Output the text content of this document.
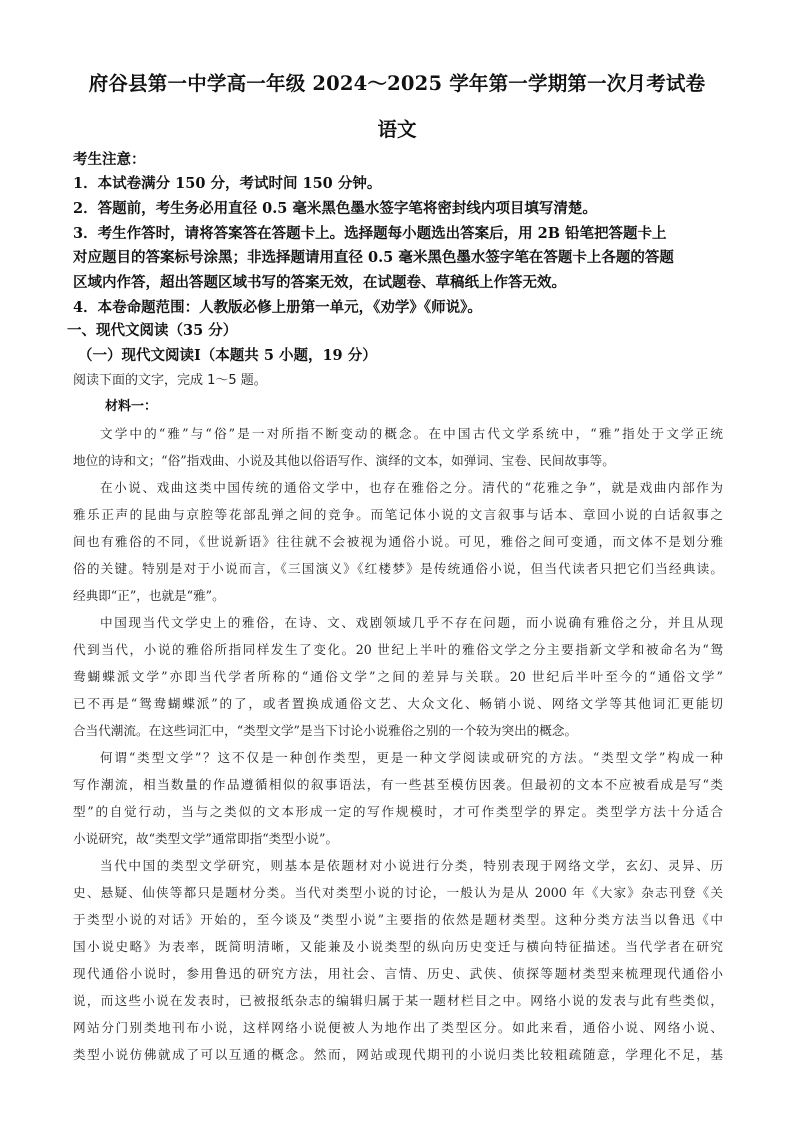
府谷县第一中学高一年级 2024～2025 学年第一学期第一次月考试卷
语文
考生注意：
1．本试卷满分 150 分，考试时间 150 分钟。
2．答题前，考生务必用直径 0.5 毫米黑色墨水签字笔将密封线内项目填写清楚。
3．考生作答时，请将答案答在答题卡上。选择题每小题选出答案后，用 2B 铅笔把答题卡上
对应题目的答案标号涂黑；非选择题请用直径 0.5 毫米黑色墨水签字笔在答题卡上各题的答题
区域内作答，超出答题区域书写的答案无效，在试题卷、草稿纸上作答无效。
4．本卷命题范围：人教版必修上册第一单元，《劝学》《师说》。
一、现代文阅读（35 分）
（一）现代文阅读Ⅰ（本题共 5 小题，19 分）
阅读下面的文字，完成 1～5 题。
材料一：
文学中的“雅”与“俗”是一对所指不断变动的概念。在中国古代文学系统中，“雅”指处于文学正统
地位的诗和文；“俗”指戏曲、小说及其他以俗语写作、演绎的文本，如弹词、宝卷、民间故事等。
在小说、戏曲这类中国传统的通俗文学中，也存在雅俗之分。清代的“花雅之争”，就是戏曲内部作为
雅乐正声的昆曲与京腔等花部乱弹之间的竞争。而笔记体小说的文言叙事与话本、章回小说的白话叙事之
间也有雅俗的不同，《世说新语》往往就不会被视为通俗小说。可见，雅俗之间可变通，而文体不是划分雅
俗的关键。特别是对于小说而言，《三国演义》《红楼梦》是传统通俗小说，但当代读者只把它们当经典读。
经典即“正”，也就是“雅”。
中国现当代文学史上的雅俗，在诗、文、戏剧领域几乎不存在问题，而小说确有雅俗之分，并且从现
代到当代，小说的雅俗所指同样发生了变化。20 世纪上半叶的雅俗文学之分主要指新文学和被命名为“鸳
鸯蝴蝶派文学”亦即当代学者所称的“通俗文学”之间的差异与关联。20 世纪后半叶至今的“通俗文学”
已不再是“鸳鸯蝴蝶派”的了，或者置换成通俗文艺、大众文化、畅销小说、网络文学等其他词汇更能切
合当代潮流。在这些词汇中，“类型文学”是当下讨论小说雅俗之别的一个较为突出的概念。
何谓“类型文学”？这不仅是一种创作类型，更是一种文学阅读或研究的方法。“类型文学”构成一种
写作潮流，相当数量的作品遵循相似的叙事语法，有一些甚至模仿因袭。但最初的文本不应被看成是写“类
型”的自觉行动，当与之类似的文本形成一定的写作规模时，才可作类型学的界定。类型学方法十分适合
小说研究，故“类型文学”通常即指“类型小说”。
当代中国的类型文学研究，则基本是依题材对小说进行分类，特别表现于网络文学，玄幻、灵异、历
史、悬疑、仙侠等都只是题材分类。当代对类型小说的讨论，一般认为是从 2000 年《大家》杂志刊登《关
于类型小说的对话》开始的，至今谈及“类型小说”主要指的依然是题材类型。这种分类方法当以鲁迅《中
国小说史略》为表率，既简明清晰，又能兼及小说类型的纵向历史变迁与横向特征描述。当代学者在研究
现代通俗小说时，参用鲁迅的研究方法，用社会、言情、历史、武侠、侦探等题材类型来梳理现代通俗小
说，而这些小说在发表时，已被报纸杂志的编辑归属于某一题材栏目之中。网络小说的发表与此有些类似，
网站分门别类地刊布小说，这样网络小说便被人为地作出了类型区分。如此来看，通俗小说、网络小说、
类型小说仿佛就成了可以互通的概念。然而，网站或现代期刊的小说归类比较粗疏随意，学理化不足，基
